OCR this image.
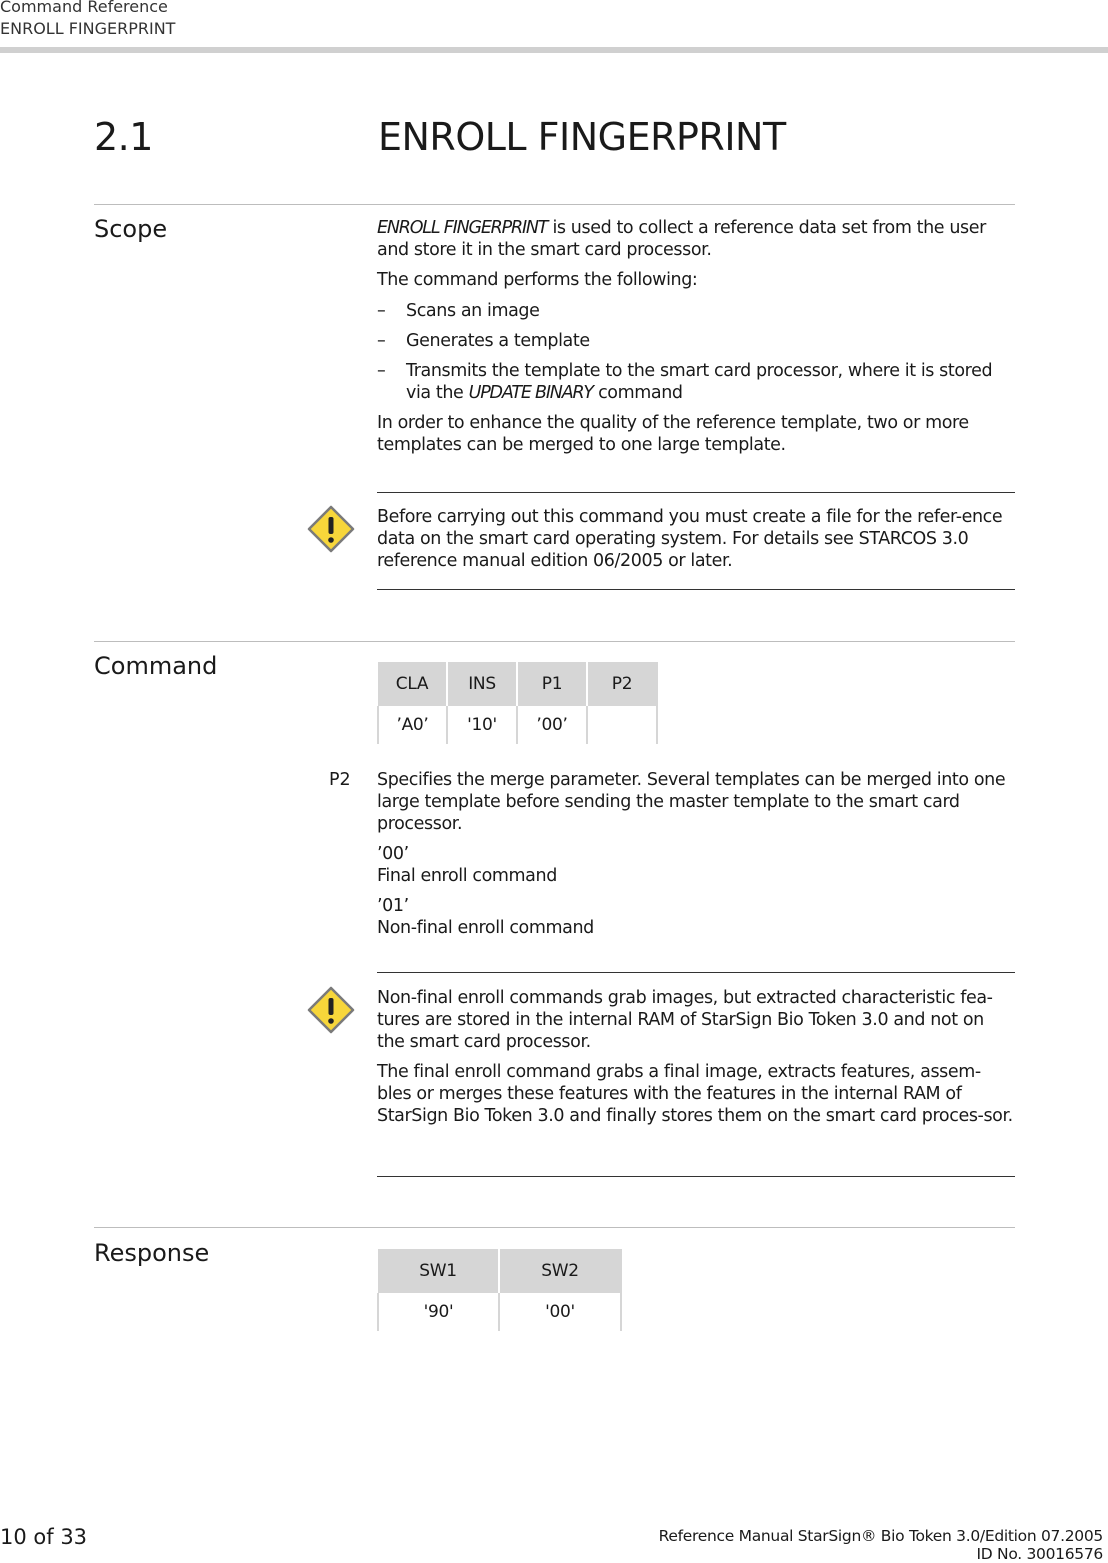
Command Reference
ENROLL FINGERPRINT
2.1	ENROLL FINGERPRINT
Scope	ENROLL FINGERPRINT is used to collect a reference data set from the user and store it in the smart card processor.

The command performs the following:

–	Scans an image
–	Generates a template
–	Transmits the template to the smart card processor, where it is stored via the UPDATE BINARY command

In order to enhance the quality of the reference template, two or more templates can be merged to one large template.

Before carrying out this command you must create a file for the refer-ence data on the smart card operating system. For details see STARCOS 3.0 reference manual edition 06/2005 or later.
Command
CLA	INS	P1	P2
’A0’	'10'	’00’	
P2 Specifies the merge parameter. Several templates can be merged into one large template before sending the master template to the smart card processor.

’00’

Final enroll command

’01’

Non-final enroll command

Non-final enroll commands grab images, but extracted characteristic fea-tures are stored in the internal RAM of StarSign Bio Token 3.0 and not on the smart card processor.

The final enroll command grabs a final image, extracts features, assem-bles or merges these features with the features in the internal RAM of StarSign Bio Token 3.0 and finally stores them on the smart card proces-sor.

Response
SW1	SW2
'90'	'00'
10 of 33	Reference Manual StarSign® Bio Token 3.0/Edition 07.2005
ID No. 30016576
